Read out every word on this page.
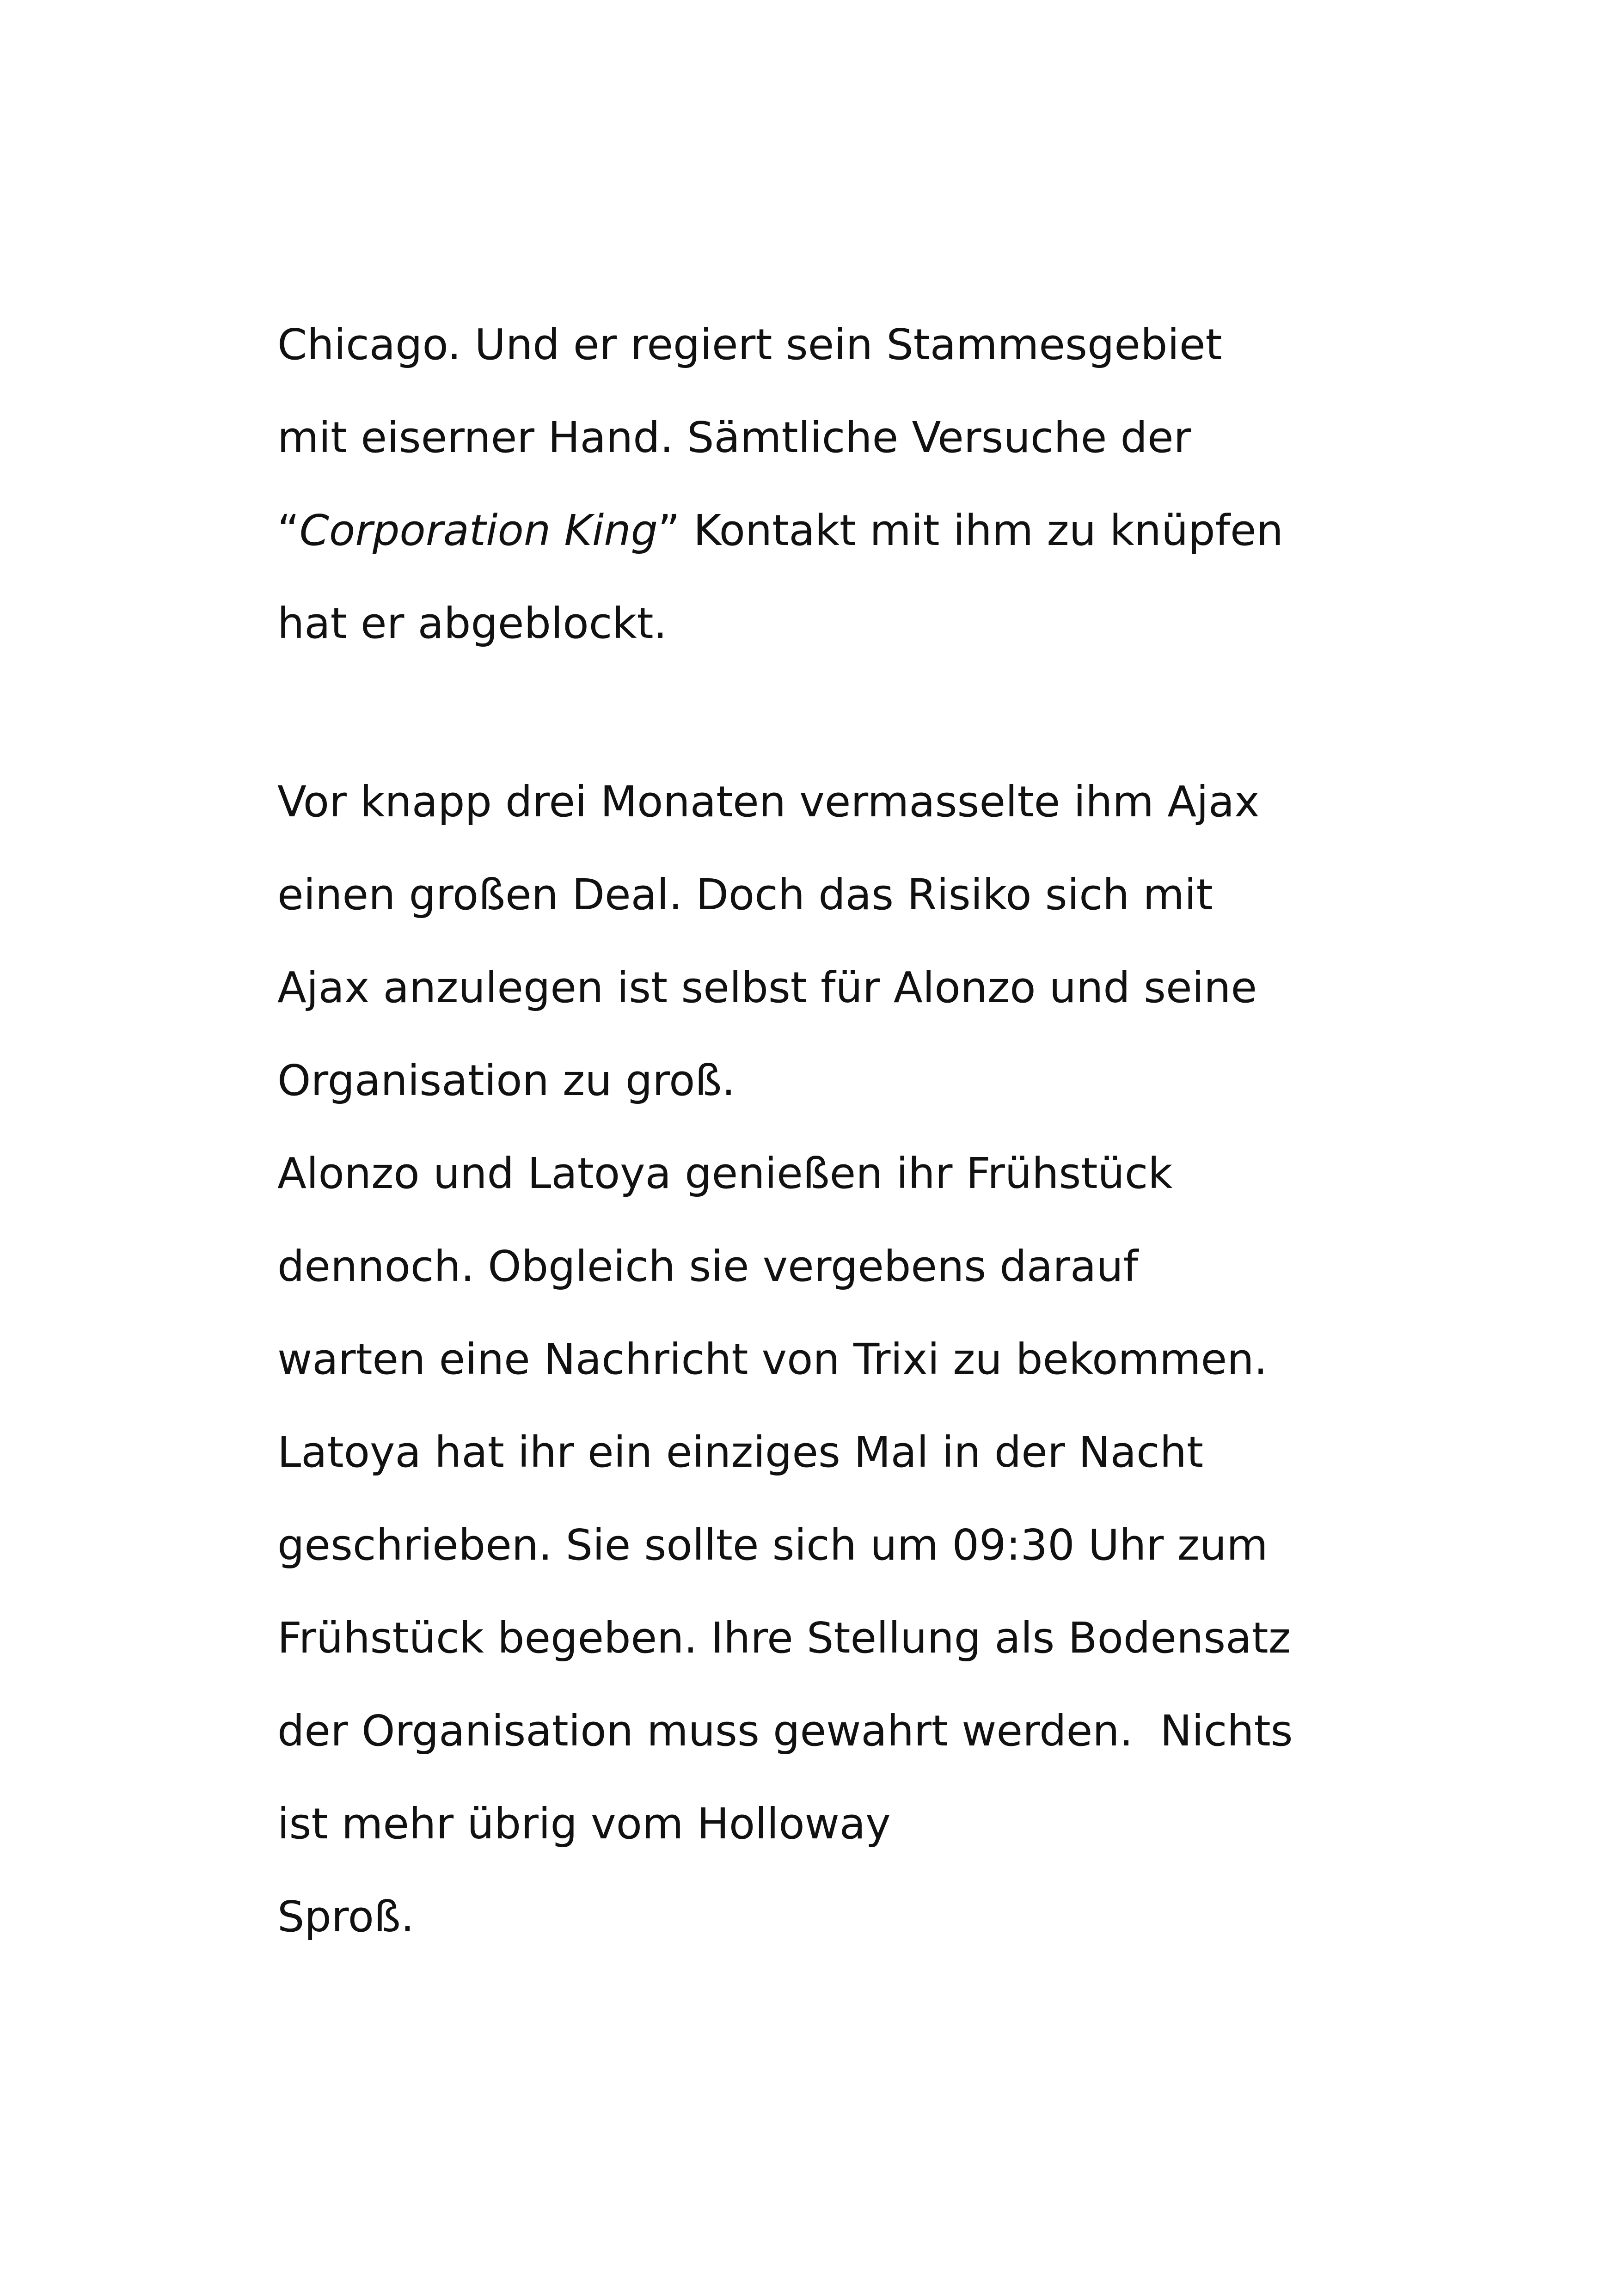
Chicago. Und er regiert sein Stammesgebiet
mit eiserner Hand. Sämtliche Versuche der
“Corporation King” Kontakt mit ihm zu knüpfen
hat er abgeblockt.
Vor knapp drei Monaten vermasselte ihm Ajax
einen großen Deal. Doch das Risiko sich mit
Ajax anzulegen ist selbst für Alonzo und seine
Organisation zu groß.
Alonzo und Latoya genießen ihr Frühstück
dennoch. Obgleich sie vergebens darauf
warten eine Nachricht von Trixi zu bekommen.
Latoya hat ihr ein einziges Mal in der Nacht
geschrieben. Sie sollte sich um 09:30 Uhr zum
Frühstück begeben. Ihre Stellung als Bodensatz
der Organisation muss gewahrt werden.  Nichts
ist mehr übrig vom Holloway
Sproß.
